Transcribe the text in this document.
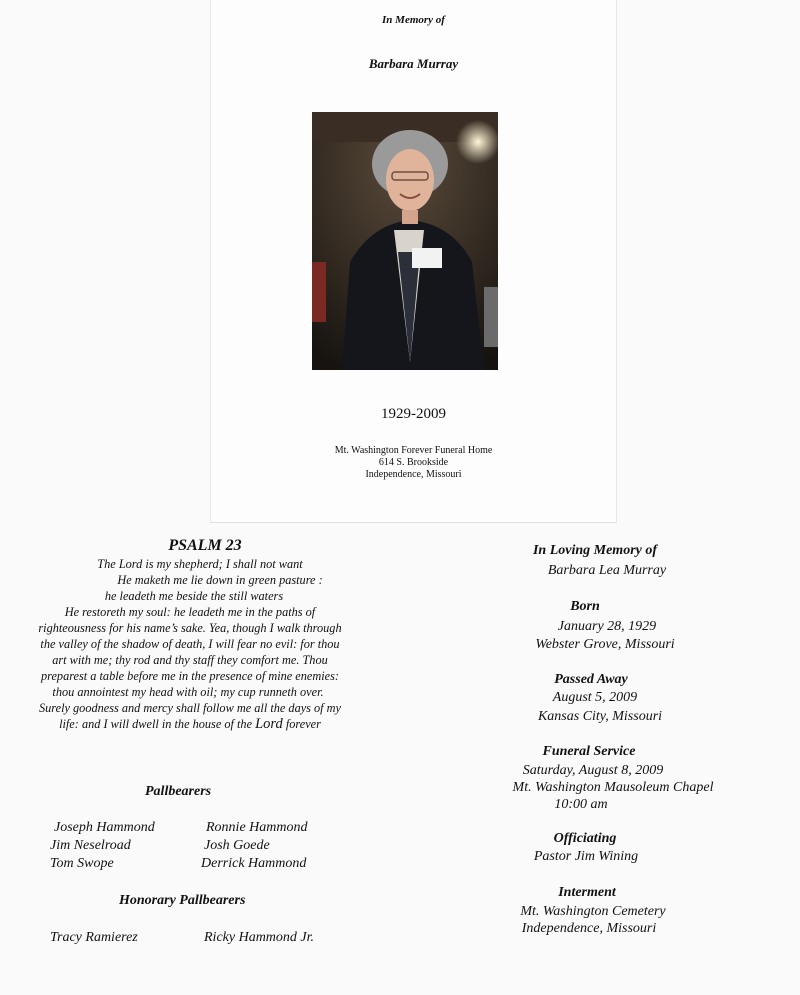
In Memory of
Barbara Murray
1929-2009
Mt. Washington Forever Funeral Home
614 S. Brookside
Independence, Missouri
PSALM 23
The Lord is my shepherd; I shall not want
He maketh me lie down in green pasture :
he leadeth me beside the still waters
He restoreth my soul: he leadeth me in the paths of
righteousness for his name’s sake. Yea, though I walk through
the valley of the shadow of death, I will fear no evil: for thou
art with me; thy rod and thy staff they comfort me. Thou
preparest a table before me in the presence of mine enemies:
thou annointest my head with oil; my cup runneth over.
Surely goodness and mercy shall follow me all the days of my
life: and I will dwell in the house of the Lord forever
Pallbearers
Joseph Hammond
Jim Neselroad
Tom Swope
Ronnie Hammond
Josh Goede
Derrick Hammond
Honorary Pallbearers
Tracy Ramierez	Ricky Hammond Jr.
In Loving Memory of
Barbara Lea Murray
Born
January 28, 1929
Webster Grove, Missouri
Passed Away
August 5, 2009
Kansas City, Missouri
Funeral Service
Saturday, August 8, 2009
Mt. Washington Mausoleum Chapel
10:00 am
Officiating
Pastor Jim Wining
Interment
Mt. Washington Cemetery
Independence, Missouri
